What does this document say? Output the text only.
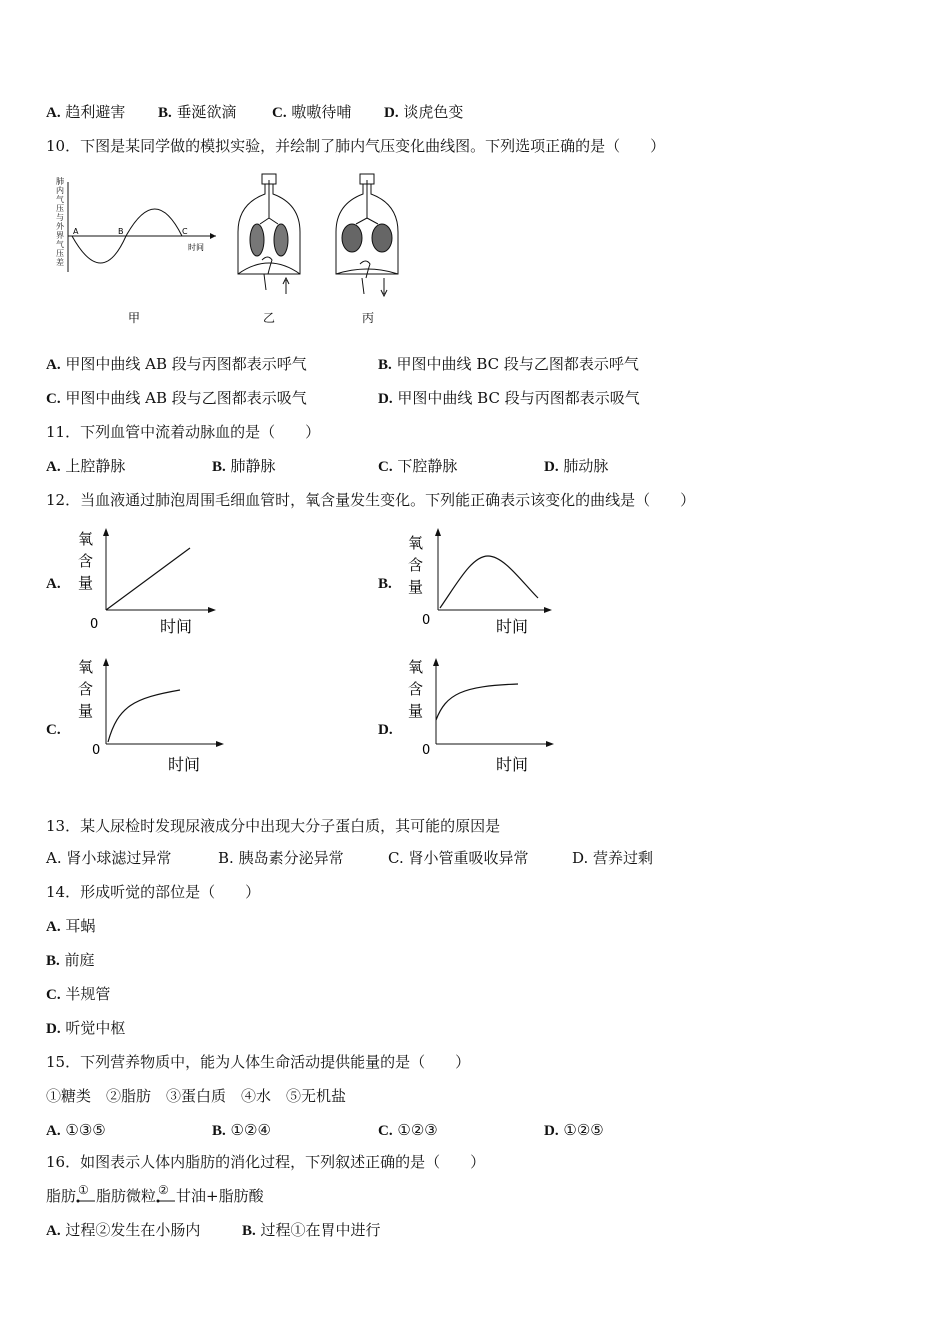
A. 趋利避害 B. 垂涎欲滴 C. 嗷嗷待哺 D. 谈虎色变
10．下图是某同学做的模拟实验，并绘制了肺内气压变化曲线图。下列选项正确的是（　　）
肺
内
气
压
与
外
界
气
压
差
A	B	C
时间
甲	乙	丙
A. 甲图中曲线 AB 段与丙图都表示呼气	B. 甲图中曲线 BC 段与乙图都表示呼气
C. 甲图中曲线 AB 段与乙图都表示吸气	D. 甲图中曲线 BC 段与丙图都表示吸气
11．下列血管中流着动脉血的是（　　）
A. 上腔静脉	B. 肺静脉	C. 下腔静脉	D. 肺动脉
12．当血液通过肺泡周围毛细血管时，氧含量发生变化。下列能正确表示该变化的曲线是（　　）
A.
氧
含
量
0	时间
B.
氧
含
量
0	时间
C.
氧
含
量
0
时间
D.
氧
含
量
0
时间
13．某人尿检时发现尿液成分中出现大分子蛋白质，其可能的原因是
A. 肾小球滤过异常	B. 胰岛素分泌异常	C. 肾小管重吸收异常	D. 营养过剩
14．形成听觉的部位是（　　）
A. 耳蜗
B. 前庭
C. 半规管
D. 听觉中枢
15．下列营养物质中，能为人体生命活动提供能量的是（　　）
①糖类　②脂肪　③蛋白质　④水　⑤无机盐
A. ①③⑤	B. ①②④	C. ①②③	D. ①②⑤
16．如图表示人体内脂肪的消化过程，下列叙述正确的是（　　）
脂肪 ① 脂肪微粒 ② 甘油+脂肪酸
A. 过程②发生在小肠内	B. 过程①在胃中进行
